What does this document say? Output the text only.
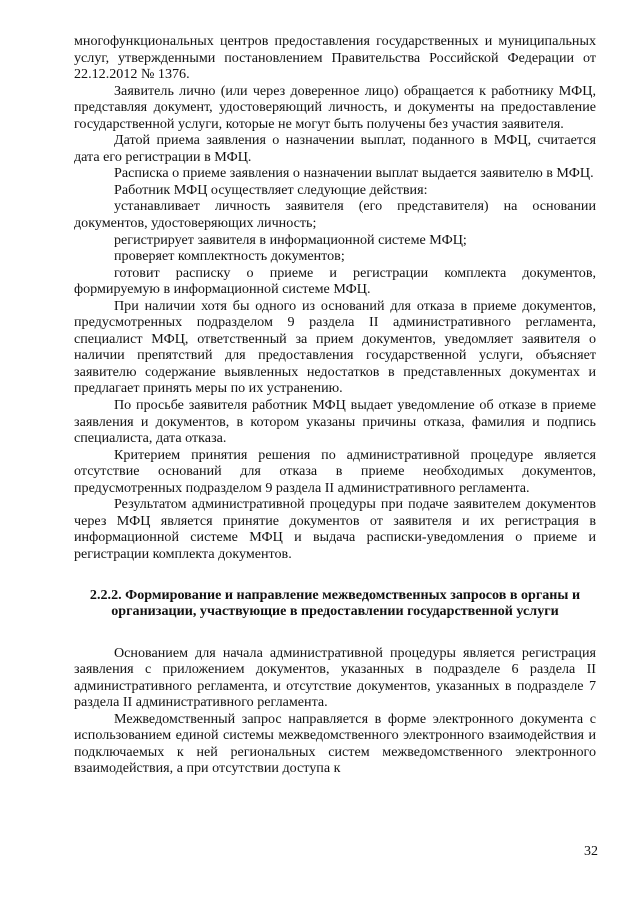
многофункциональных центров предоставления государственных и муниципальных услуг, утвержденными постановлением Правительства Российской Федерации от 22.12.2012 № 1376.

Заявитель лично (или через доверенное лицо) обращается к работнику МФЦ, представляя документ, удостоверяющий личность, и документы на предоставление государственной услуги, которые не могут быть получены без участия заявителя.

Датой приема заявления о назначении выплат, поданного в МФЦ, считается дата его регистрации в МФЦ.

Расписка о приеме заявления о назначении выплат выдается заявителю в МФЦ.

Работник МФЦ осуществляет следующие действия:

устанавливает личность заявителя (его представителя) на основании документов, удостоверяющих личность;

регистрирует заявителя в информационной системе МФЦ;

проверяет комплектность документов;

готовит расписку о приеме и регистрации комплекта документов, формируемую в информационной системе МФЦ.

При наличии хотя бы одного из оснований для отказа в приеме документов, предусмотренных подразделом 9 раздела II административного регламента, специалист МФЦ, ответственный за прием документов, уведомляет заявителя о наличии препятствий для предоставления государственной услуги, объясняет заявителю содержание выявленных недостатков в представленных документах и предлагает принять меры по их устранению.

По просьбе заявителя работник МФЦ выдает уведомление об отказе в приеме заявления и документов, в котором указаны причины отказа, фамилия и подпись специалиста, дата отказа.

Критерием принятия решения по административной процедуре является отсутствие оснований для отказа в приеме необходимых документов, предусмотренных подразделом 9 раздела II административного регламента.

Результатом административной процедуры при подаче заявителем документов через МФЦ является принятие документов от заявителя и их регистрация в информационной системе МФЦ и выдача расписки-уведомления о приеме и регистрации комплекта документов.

2.2.2. Формирование и направление межведомственных запросов в органы и организации, участвующие в предоставлении государственной услуги

Основанием для начала административной процедуры является регистрация заявления с приложением документов, указанных в подразделе 6 раздела II административного регламента, и отсутствие документов, указанных в подразделе 7 раздела II административного регламента.

Межведомственный запрос направляется в форме электронного документа с использованием единой системы межведомственного электронного взаимодействия и подключаемых к ней региональных систем межведомственного электронного взаимодействия, а при отсутствии доступа к

32
